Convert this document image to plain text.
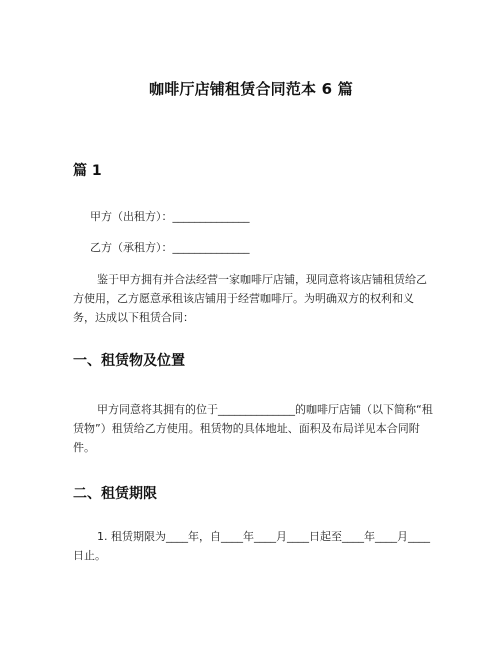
咖啡厅店铺租赁合同范本 6 篇
篇 1
甲方（出租方）：______________
乙方（承租方）：______________
鉴于甲方拥有并合法经营一家咖啡厅店铺，现同意将该店铺租赁给乙方使用，乙方愿意承租该店铺用于经营咖啡厅。为明确双方的权利和义务，达成以下租赁合同：
一、租赁物及位置
甲方同意将其拥有的位于______________的咖啡厅店铺（以下简称“租赁物”）租赁给乙方使用。租赁物的具体地址、面积及布局详见本合同附件。
二、租赁期限
1. 租赁期限为____年，自____年____月____日起至____年____月____日止。
